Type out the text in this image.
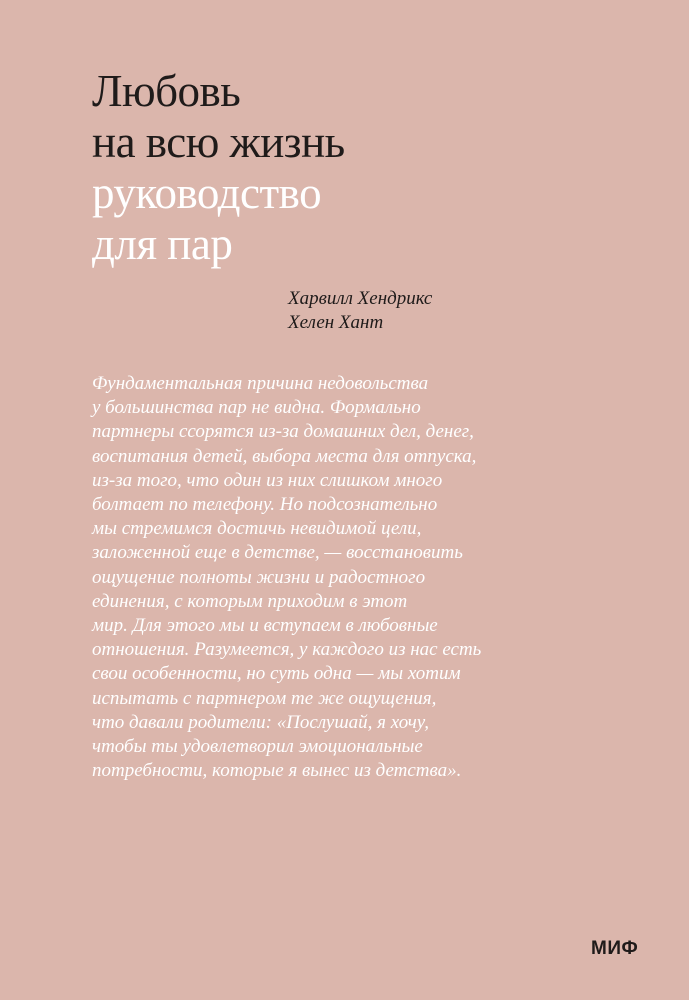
Любовь
на всю жизнь
руководство
для пар
Харвилл Хендрикс
Хелен Хант
Фундаментальная причина недовольства
у большинства пар не видна. Формально
партнеры ссорятся из-за домашних дел, денег,
воспитания детей, выбора места для отпуска,
из-за того, что один из них слишком много
болтает по телефону. Но подсознательно
мы стремимся достичь невидимой цели,
заложенной еще в детстве, — восстановить
ощущение полноты жизни и радостного
единения, с которым приходим в этот
мир. Для этого мы и вступаем в любовные
отношения. Разумеется, у каждого из нас есть
свои особенности, но суть одна — мы хотим
испытать с партнером те же ощущения,
что давали родители: «Послушай, я хочу,
чтобы ты удовлетворил эмоциональные
потребности, которые я вынес из детства».
МИФ
